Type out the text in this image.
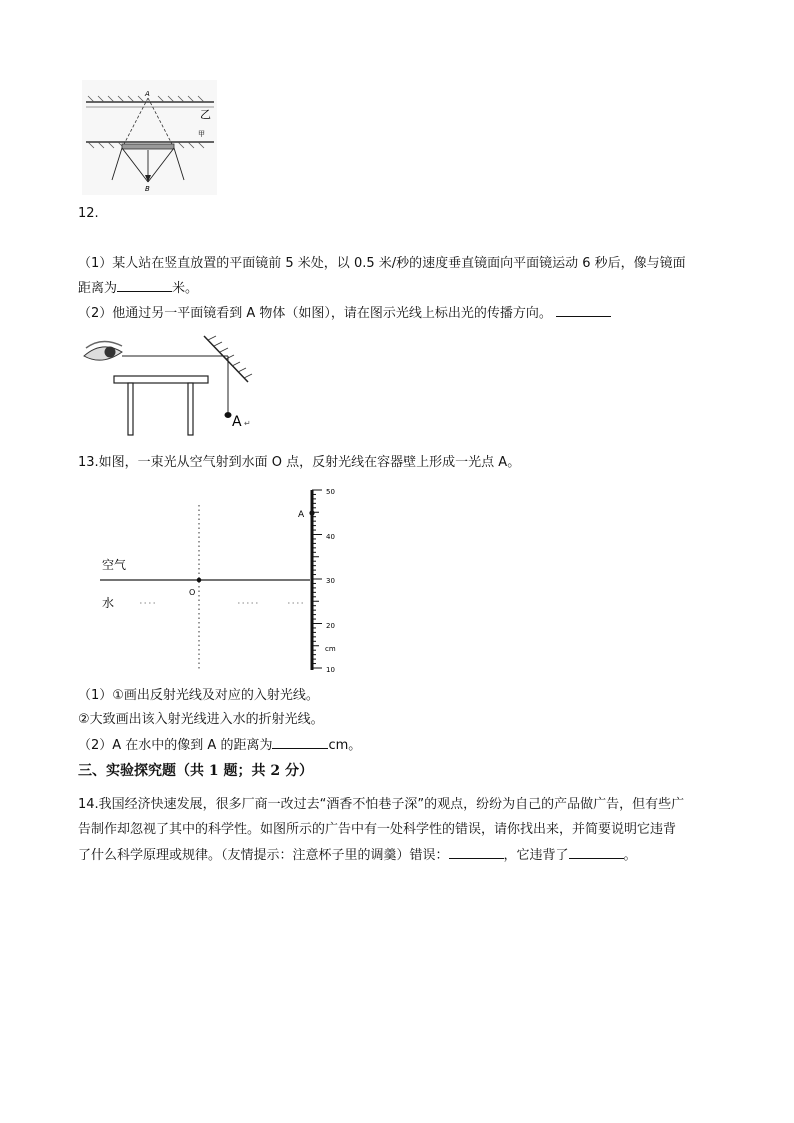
A
B
乙
甲
12.
（1）某人站在竖直放置的平面镜前 5 米处，以 0.5 米/秒的速度垂直镜面向平面镜运动 6 秒后，像与镜面
距离为	米。
（2）他通过另一平面镜看到 A 物体（如图），请在图示光线上标出光的传播方向。
A ↵
13.如图，一束光从空气射到水面 O 点，反射光线在容器壁上形成一光点 A。
空气
水
O
A
cm
50
40
30
20
10
（1）①画出反射光线及对应的入射光线。
②大致画出该入射光线进入水的折射光线。
（2）A 在水中的像到 A 的距离为	cm。
三、实验探究题（共 1 题；共 2 分）
14.我国经济快速发展，很多厂商一改过去“酒香不怕巷子深”的观点，纷纷为自己的产品做广告，但有些广
告制作却忽视了其中的科学性。如图所示的广告中有一处科学性的错误，请你找出来，并简要说明它违背
了什么科学原理或规律。（友情提示：注意杯子里的调羹）错误：	，它违背了	。
